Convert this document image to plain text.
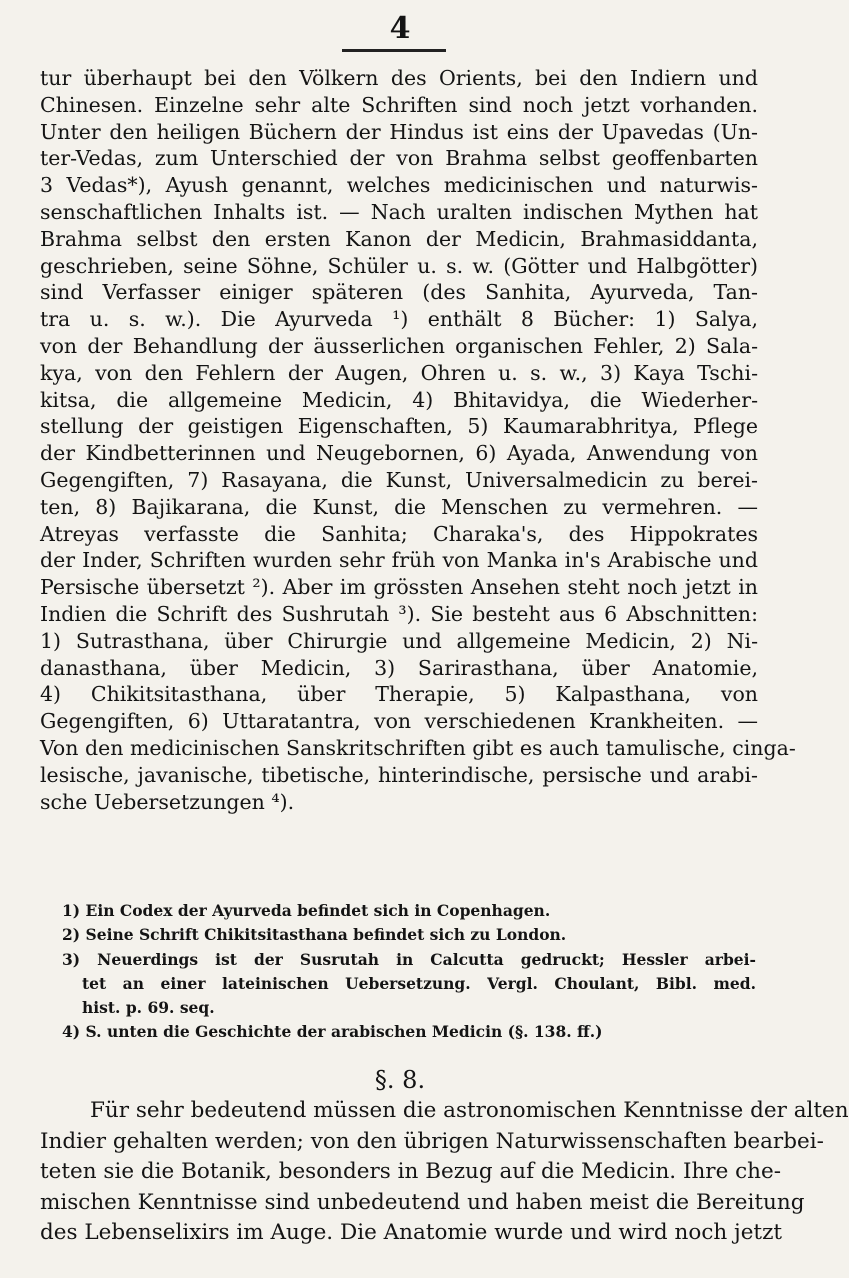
4
tur überhaupt bei den Völkern des Orients, bei den Indiern und
Chinesen. Einzelne sehr alte Schriften sind noch jetzt vorhanden.
Unter den heiligen Büchern der Hindus ist eins der Upavedas (Un-
ter-Vedas, zum Unterschied der von Brahma selbst geoffenbarten
3 Vedas*), Ayush genannt, welches medicinischen und naturwis-
senschaftlichen Inhalts ist. — Nach uralten indischen Mythen hat
Brahma selbst den ersten Kanon der Medicin, Brahmasiddanta,
geschrieben, seine Söhne, Schüler u. s. w. (Götter und Halbgötter)
sind Verfasser einiger späteren (des Sanhita, Ayurveda, Tan-
tra u. s. w.). Die Ayurveda ¹) enthält 8 Bücher: 1) Salya,
von der Behandlung der äusserlichen organischen Fehler, 2) Sala-
kya, von den Fehlern der Augen, Ohren u. s. w., 3) Kaya Tschi-
kitsa, die allgemeine Medicin, 4) Bhitavidya, die Wiederher-
stellung der geistigen Eigenschaften, 5) Kaumarabhritya, Pflege
der Kindbetterinnen und Neugebornen, 6) Ayada, Anwendung von
Gegengiften, 7) Rasayana, die Kunst, Universalmedicin zu berei-
ten, 8) Bajikarana, die Kunst, die Menschen zu vermehren. —
Atreyas verfasste die Sanhita; Charaka's, des Hippokrates
der Inder, Schriften wurden sehr früh von Manka in's Arabische und
Persische übersetzt ²). Aber im grössten Ansehen steht noch jetzt in
Indien die Schrift des Sushrutah ³). Sie besteht aus 6 Abschnitten:
1) Sutrasthana, über Chirurgie und allgemeine Medicin, 2) Ni-
danasthana, über Medicin, 3) Sarirasthana, über Anatomie,
4) Chikitsitasthana, über Therapie, 5) Kalpasthana, von
Gegengiften, 6) Uttaratantra, von verschiedenen Krankheiten. —
Von den medicinischen Sanskritschriften gibt es auch tamulische, cinga-
lesische, javanische, tibetische, hinterindische, persische und arabi-
sche Uebersetzungen ⁴).
1) Ein Codex der Ayurveda befindet sich in Copenhagen.
2) Seine Schrift Chikitsitasthana befindet sich zu London.
3) Neuerdings ist der Susrutah in Calcutta gedruckt; Hessler arbei-
tet an einer lateinischen Uebersetzung. Vergl. Choulant, Bibl. med.
hist. p. 69. seq.
4) S. unten die Geschichte der arabischen Medicin (§. 138. ff.)
§. 8.
Für sehr bedeutend müssen die astronomischen Kenntnisse der alten
Indier gehalten werden; von den übrigen Naturwissenschaften bearbei-
teten sie die Botanik, besonders in Bezug auf die Medicin. Ihre che-
mischen Kenntnisse sind unbedeutend und haben meist die Bereitung
des Lebenselixirs im Auge. Die Anatomie wurde und wird noch jetzt
